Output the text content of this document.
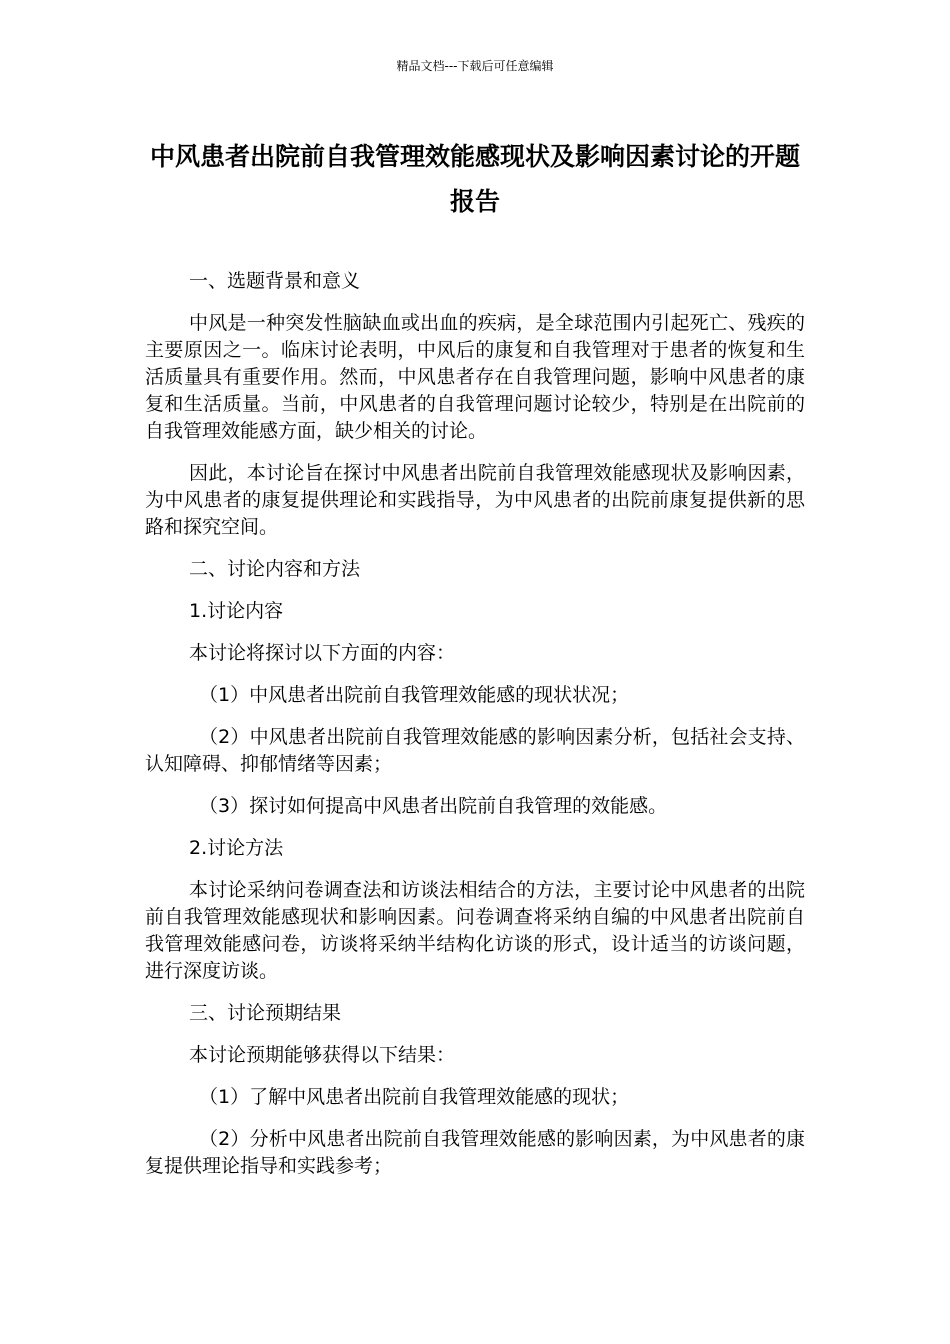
精品文档---下载后可任意编辑
中风患者出院前自我管理效能感现状及影响因素讨论的开题报告

一、选题背景和意义

中风是一种突发性脑缺血或出血的疾病，是全球范围内引起死亡、残疾的主要原因之一。临床讨论表明，中风后的康复和自我管理对于患者的恢复和生活质量具有重要作用。然而，中风患者存在自我管理问题，影响中风患者的康复和生活质量。当前，中风患者的自我管理问题讨论较少，特别是在出院前的自我管理效能感方面，缺少相关的讨论。

因此，本讨论旨在探讨中风患者出院前自我管理效能感现状及影响因素，为中风患者的康复提供理论和实践指导，为中风患者的出院前康复提供新的思路和探究空间。

二、讨论内容和方法

1.讨论内容

本讨论将探讨以下方面的内容：

（1）中风患者出院前自我管理效能感的现状状况；

（2）中风患者出院前自我管理效能感的影响因素分析，包括社会支持、认知障碍、抑郁情绪等因素；

（3）探讨如何提高中风患者出院前自我管理的效能感。

2.讨论方法

本讨论采纳问卷调查法和访谈法相结合的方法，主要讨论中风患者的出院前自我管理效能感现状和影响因素。问卷调查将采纳自编的中风患者出院前自我管理效能感问卷，访谈将采纳半结构化访谈的形式，设计适当的访谈问题，进行深度访谈。

三、讨论预期结果

本讨论预期能够获得以下结果：

（1）了解中风患者出院前自我管理效能感的现状；

（2）分析中风患者出院前自我管理效能感的影响因素，为中风患者的康复提供理论指导和实践参考；
